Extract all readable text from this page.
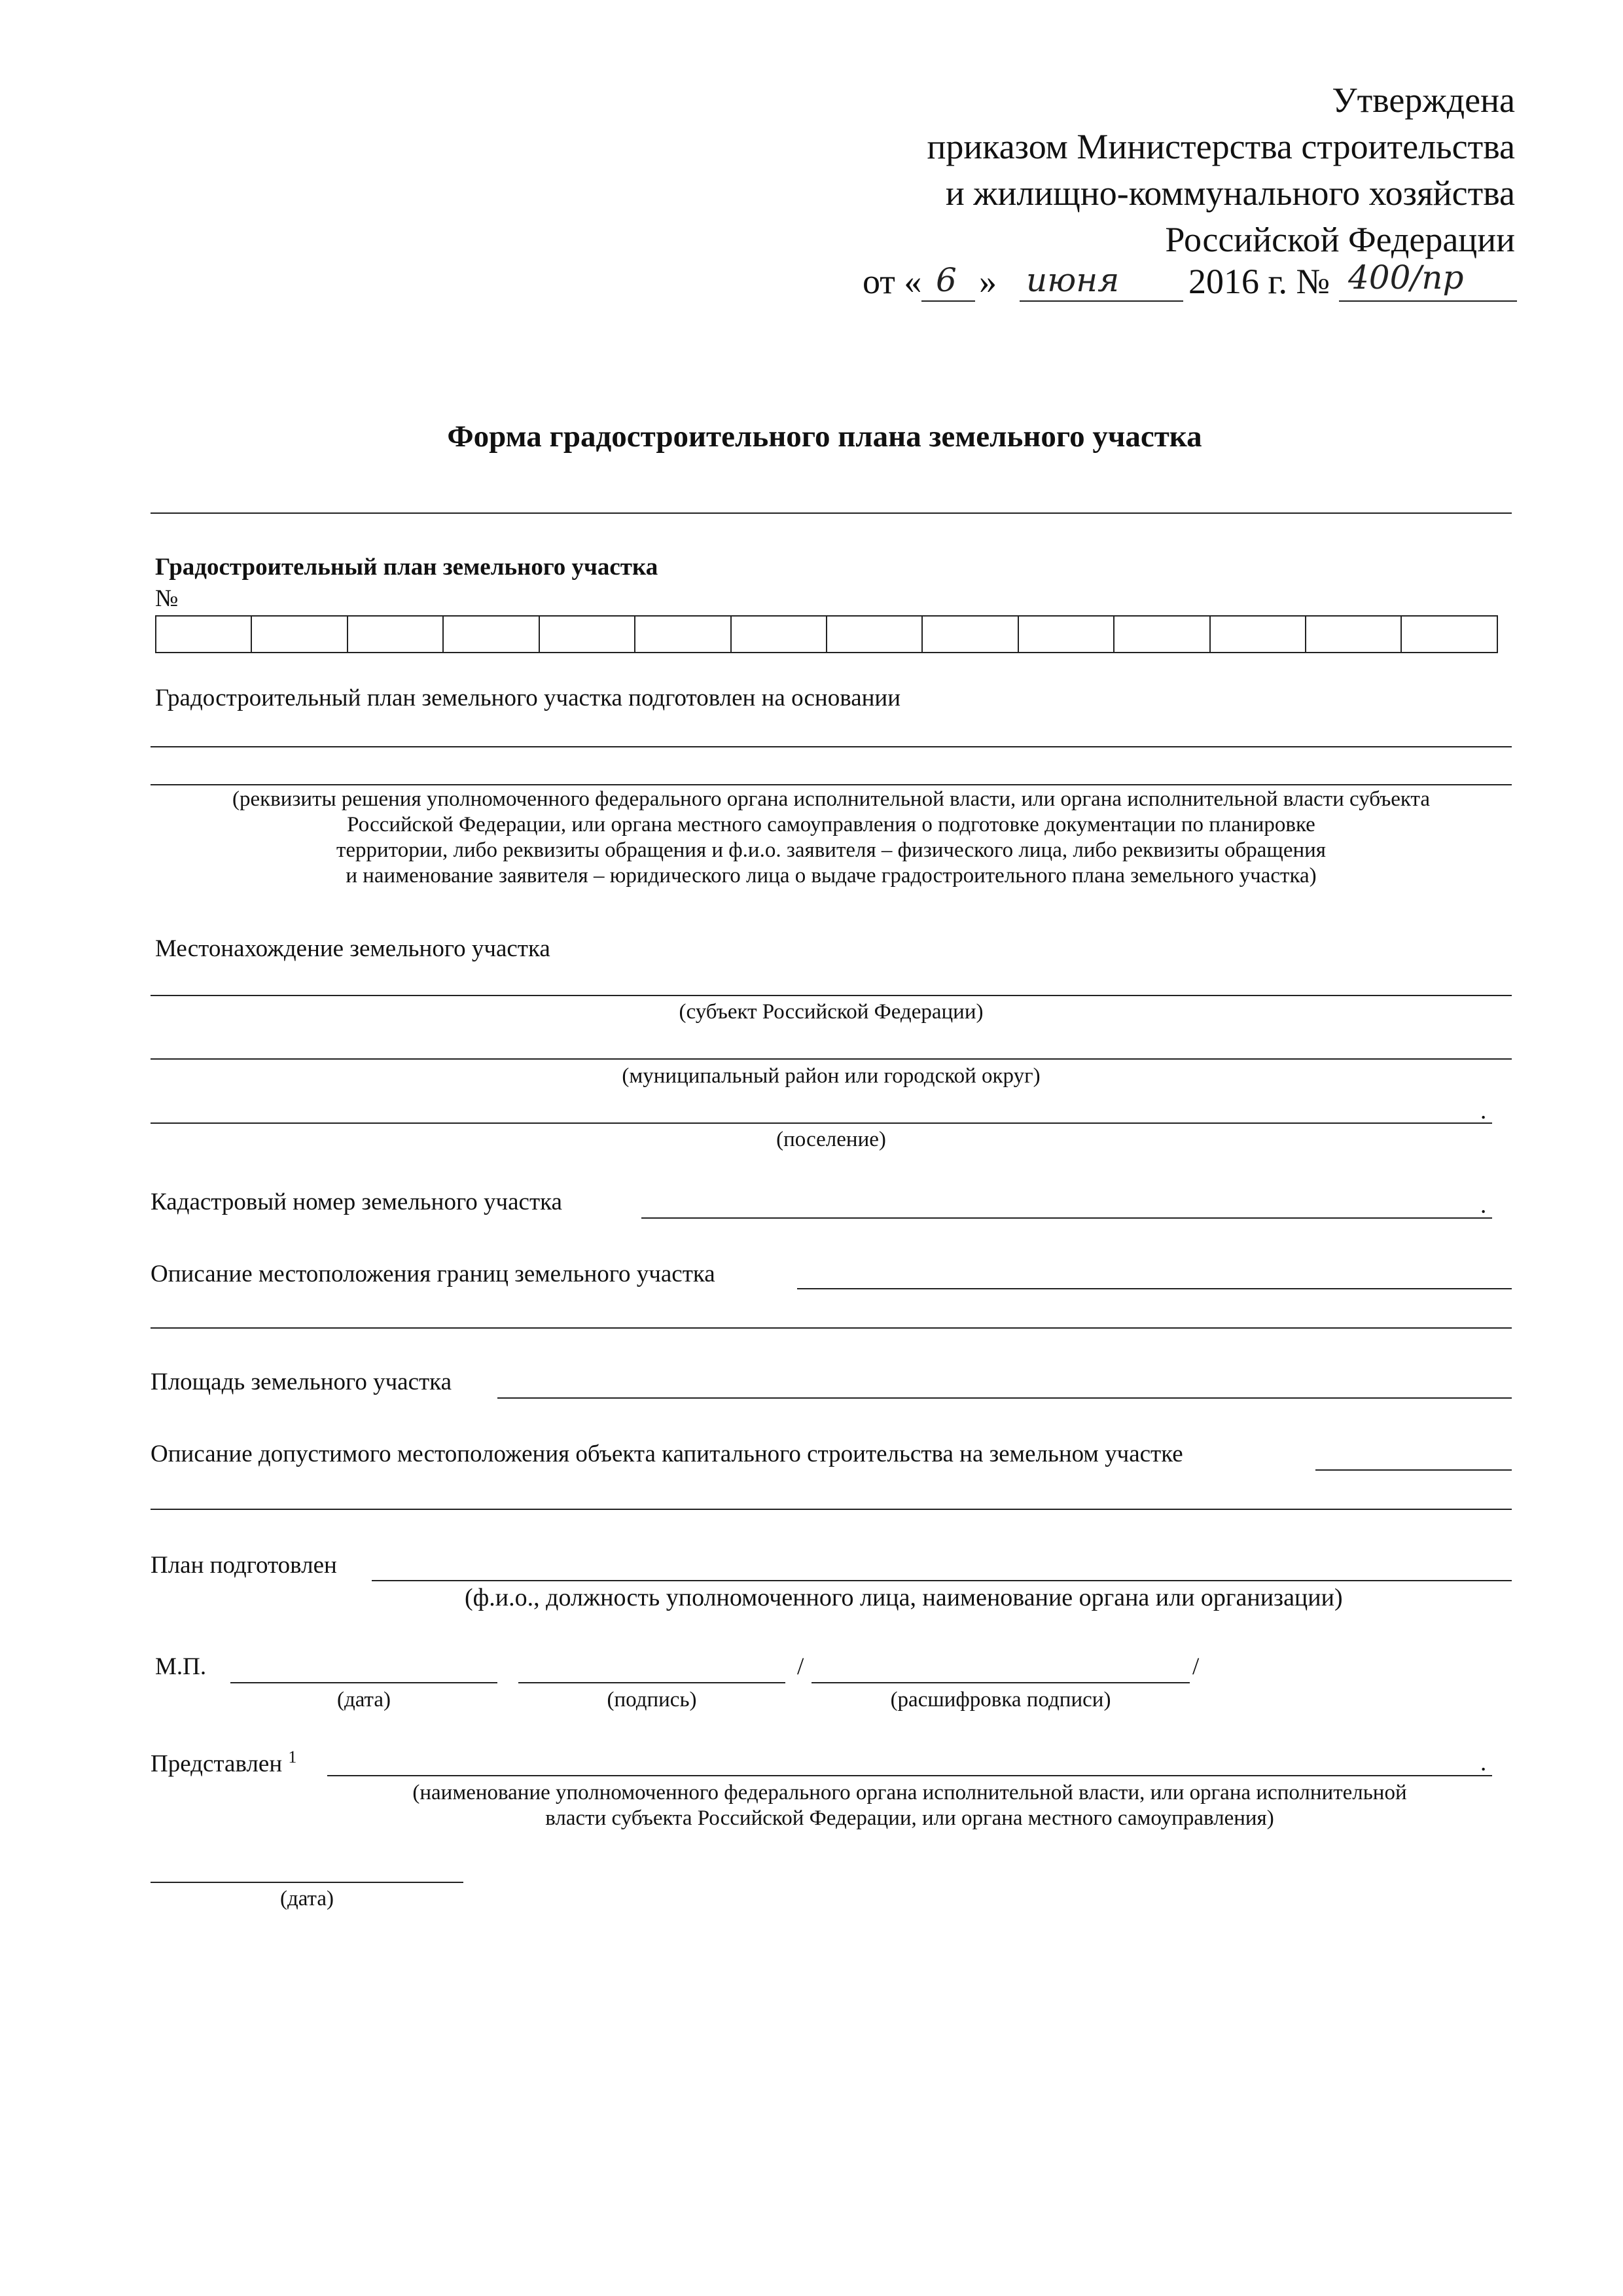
Утверждена
приказом Министерства строительства
и жилищно-коммунального хозяйства
Российской Федерации
от « 6 » июня 2016 г. № 400/пр
Форма градостроительного плана земельного участка
Градостроительный план земельного участка
№
Градостроительный план земельного участка подготовлен на основании
(реквизиты решения уполномоченного федерального органа исполнительной власти, или органа исполнительной власти субъекта
Российской Федерации, или органа местного самоуправления о подготовке документации по планировке
территории, либо реквизиты обращения и ф.и.о. заявителя – физического лица, либо реквизиты обращения
и наименование заявителя – юридического лица о выдаче градостроительного плана земельного участка)
Местонахождение земельного участка
(субъект Российской Федерации)
(муниципальный район или городской округ)
.
(поселение)
Кадастровый номер земельного участка	.
Описание местоположения границ земельного участка
Площадь земельного участка
Описание допустимого местоположения объекта капитального строительства на земельном участке
План подготовлен
(ф.и.о., должность уполномоченного лица, наименование органа или организации)
М.П.	/	/
(дата)	(подпись)	(расшифровка подписи)
Представлен $^1$	.
(наименование уполномоченного федерального органа исполнительной власти, или органа исполнительной
власти субъекта Российской Федерации, или органа местного самоуправления)
(дата)
